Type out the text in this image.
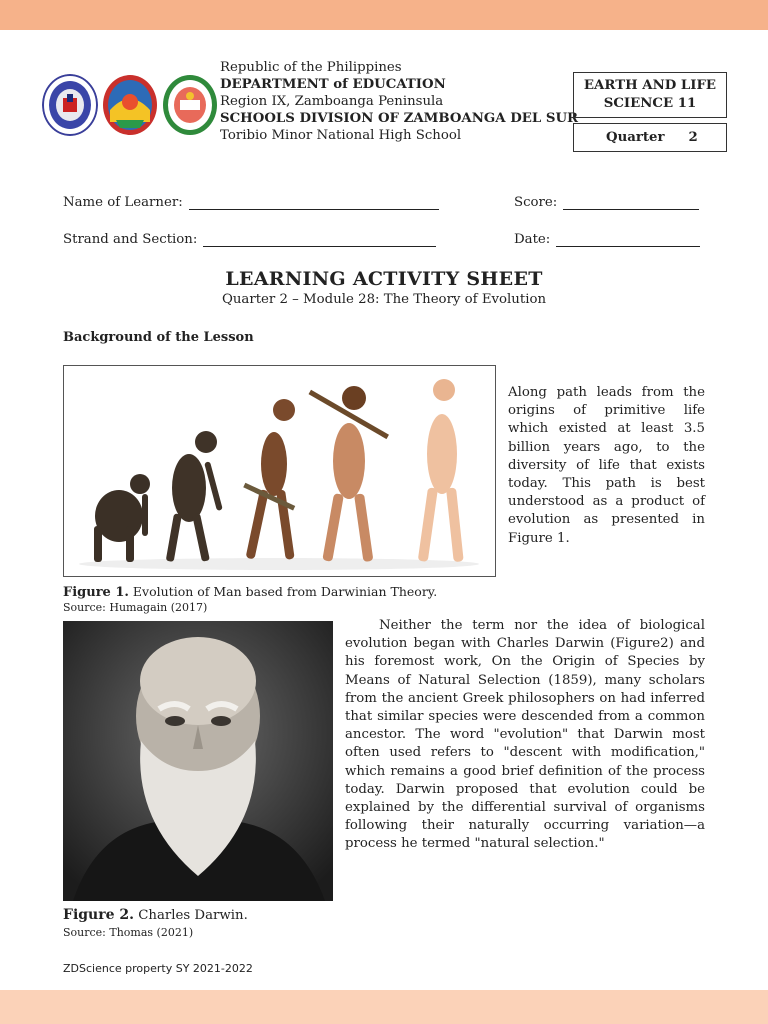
Republic of the Philippines
DEPARTMENT of EDUCATION
Region IX, Zamboanga Peninsula
SCHOOLS DIVISION OF ZAMBOANGA DEL SUR
Toribio Minor National High School
EARTH AND LIFE
SCIENCE 11
Quarter 2
Name of Learner:	Score:
Strand and Section:	Date:
LEARNING ACTIVITY SHEET
Quarter 2 – Module 28: The Theory of Evolution
Background of the Lesson
Along path leads from the origins of primitive life which existed at least 3.5 billion years ago, to the diversity of life that exists today. This path is best understood as a product of evolution as presented in Figure 1.
Figure 1. Evolution of Man based from Darwinian Theory.
Source: Humagain (2017)
Neither the term nor the idea of biological evolution began with Charles Darwin (Figure2) and his foremost work, On the Origin of Species by Means of Natural Selection (1859), many scholars from the ancient Greek philosophers on had inferred that similar species were descended from a common ancestor. The word "evolution" that Darwin most often used refers to "descent with modification," which remains a good brief definition of the process today. Darwin proposed that evolution could be explained by the differential survival of organisms following their naturally occurring variation—a process he termed "natural selection."
Figure 2. Charles Darwin.
Source: Thomas (2021)
ZDScience property SY 2021-2022
